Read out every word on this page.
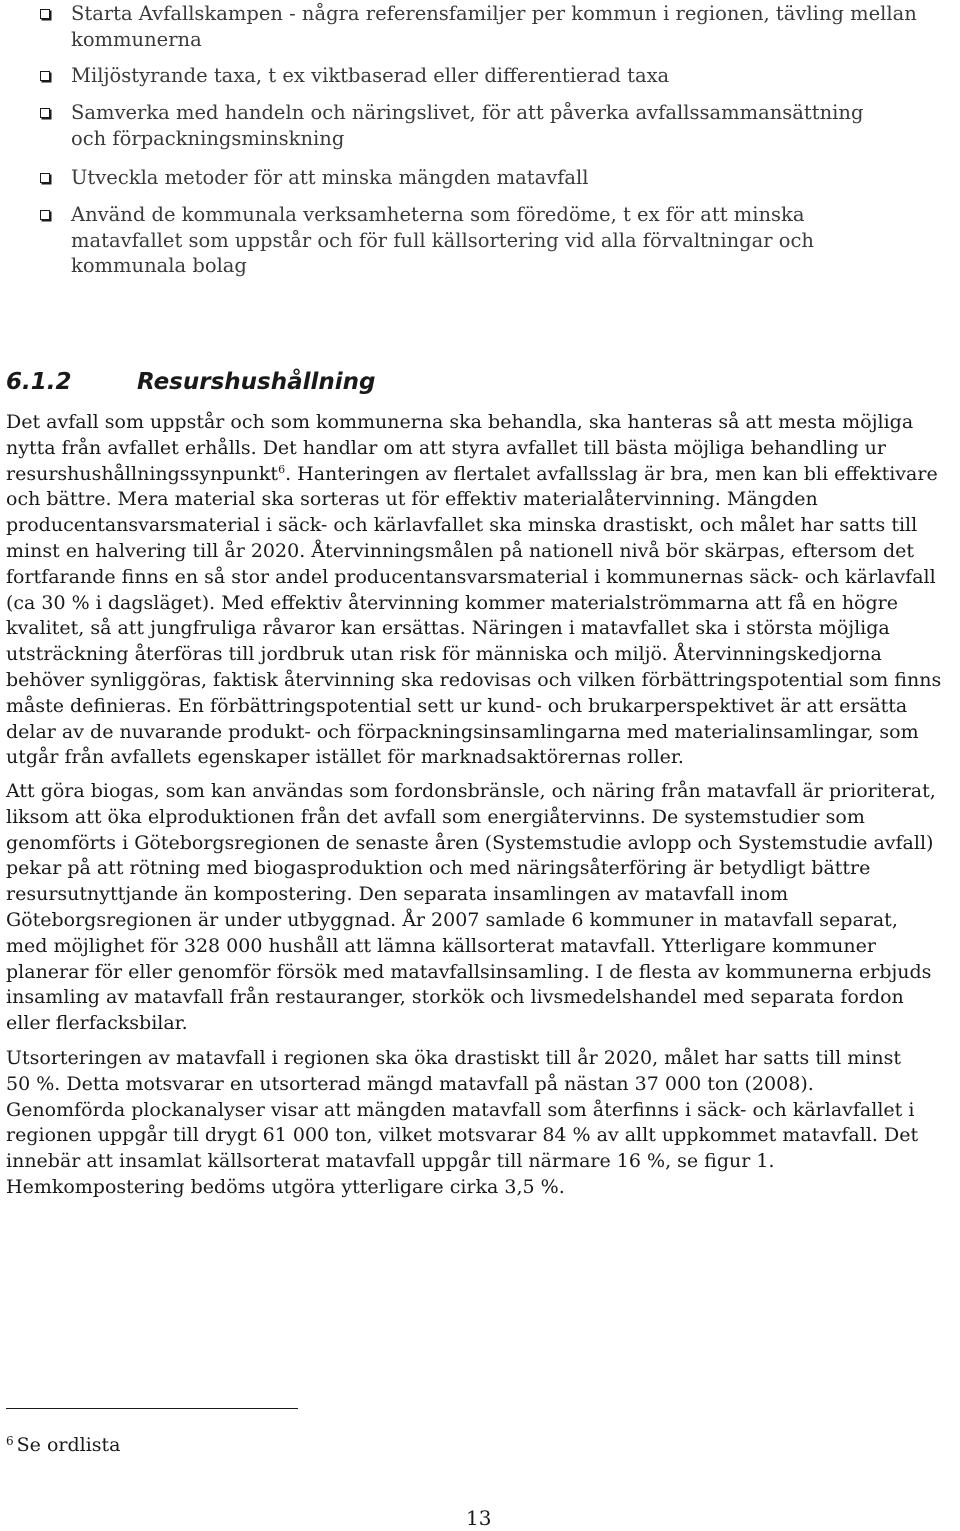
Starta Avfallskampen - några referensfamiljer per kommun i regionen, tävling mellan
kommunerna
Miljöstyrande taxa, t ex viktbaserad eller differentierad taxa
Samverka med handeln och näringslivet, för att påverka avfallssammansättning
och förpackningsminskning
Utveckla metoder för att minska mängden matavfall
Använd de kommunala verksamheterna som föredöme, t ex för att minska
matavfallet som uppstår och för full källsortering vid alla förvaltningar och
kommunala bolag
6.1.2	Resurshushållning
Det avfall som uppstår och som kommunerna ska behandla, ska hanteras så att mesta möjliga
nytta från avfallet erhålls. Det handlar om att styra avfallet till bästa möjliga behandling ur
resurshushållningssynpunkt$^6$. Hanteringen av flertalet avfallsslag är bra, men kan bli effektivare
och bättre. Mera material ska sorteras ut för effektiv materialåtervinning. Mängden
producentansvarsmaterial i säck- och kärlavfallet ska minska drastiskt, och målet har satts till
minst en halvering till år 2020. Återvinningsmålen på nationell nivå bör skärpas, eftersom det
fortfarande finns en så stor andel producentansvarsmaterial i kommunernas säck- och kärlavfall
(ca 30 % i dagsläget). Med effektiv återvinning kommer materialströmmarna att få en högre
kvalitet, så att jungfruliga råvaror kan ersättas. Näringen i matavfallet ska i största möjliga
utsträckning återföras till jordbruk utan risk för människa och miljö. Återvinningskedjorna
behöver synliggöras, faktisk återvinning ska redovisas och vilken förbättringspotential som finns
måste definieras. En förbättringspotential sett ur kund- och brukarperspektivet är att ersätta
delar av de nuvarande produkt- och förpackningsinsamlingarna med materialinsamlingar, som
utgår från avfallets egenskaper istället för marknadsaktörernas roller.
Att göra biogas, som kan användas som fordonsbränsle, och näring från matavfall är prioriterat,
liksom att öka elproduktionen från det avfall som energiåtervinns. De systemstudier som
genomförts i Göteborgsregionen de senaste åren (Systemstudie avlopp och Systemstudie avfall)
pekar på att rötning med biogasproduktion och med näringsåterföring är betydligt bättre
resursutnyttjande än kompostering. Den separata insamlingen av matavfall inom
Göteborgsregionen är under utbyggnad. År 2007 samlade 6 kommuner in matavfall separat,
med möjlighet för 328 000 hushåll att lämna källsorterat matavfall. Ytterligare kommuner
planerar för eller genomför försök med matavfallsinsamling. I de flesta av kommunerna erbjuds
insamling av matavfall från restauranger, storkök och livsmedelshandel med separata fordon
eller flerfacksbilar.
Utsorteringen av matavfall i regionen ska öka drastiskt till år 2020, målet har satts till minst
50 %. Detta motsvarar en utsorterad mängd matavfall på nästan 37 000 ton (2008).
Genomförda plockanalyser visar att mängden matavfall som återfinns i säck- och kärlavfallet i
regionen uppgår till drygt 61 000 ton, vilket motsvarar 84 % av allt uppkommet matavfall. Det
innebär att insamlat källsorterat matavfall uppgår till närmare 16 %, se figur 1.
Hemkompostering bedöms utgöra ytterligare cirka 3,5 %.
$^6$ Se ordlista
13
